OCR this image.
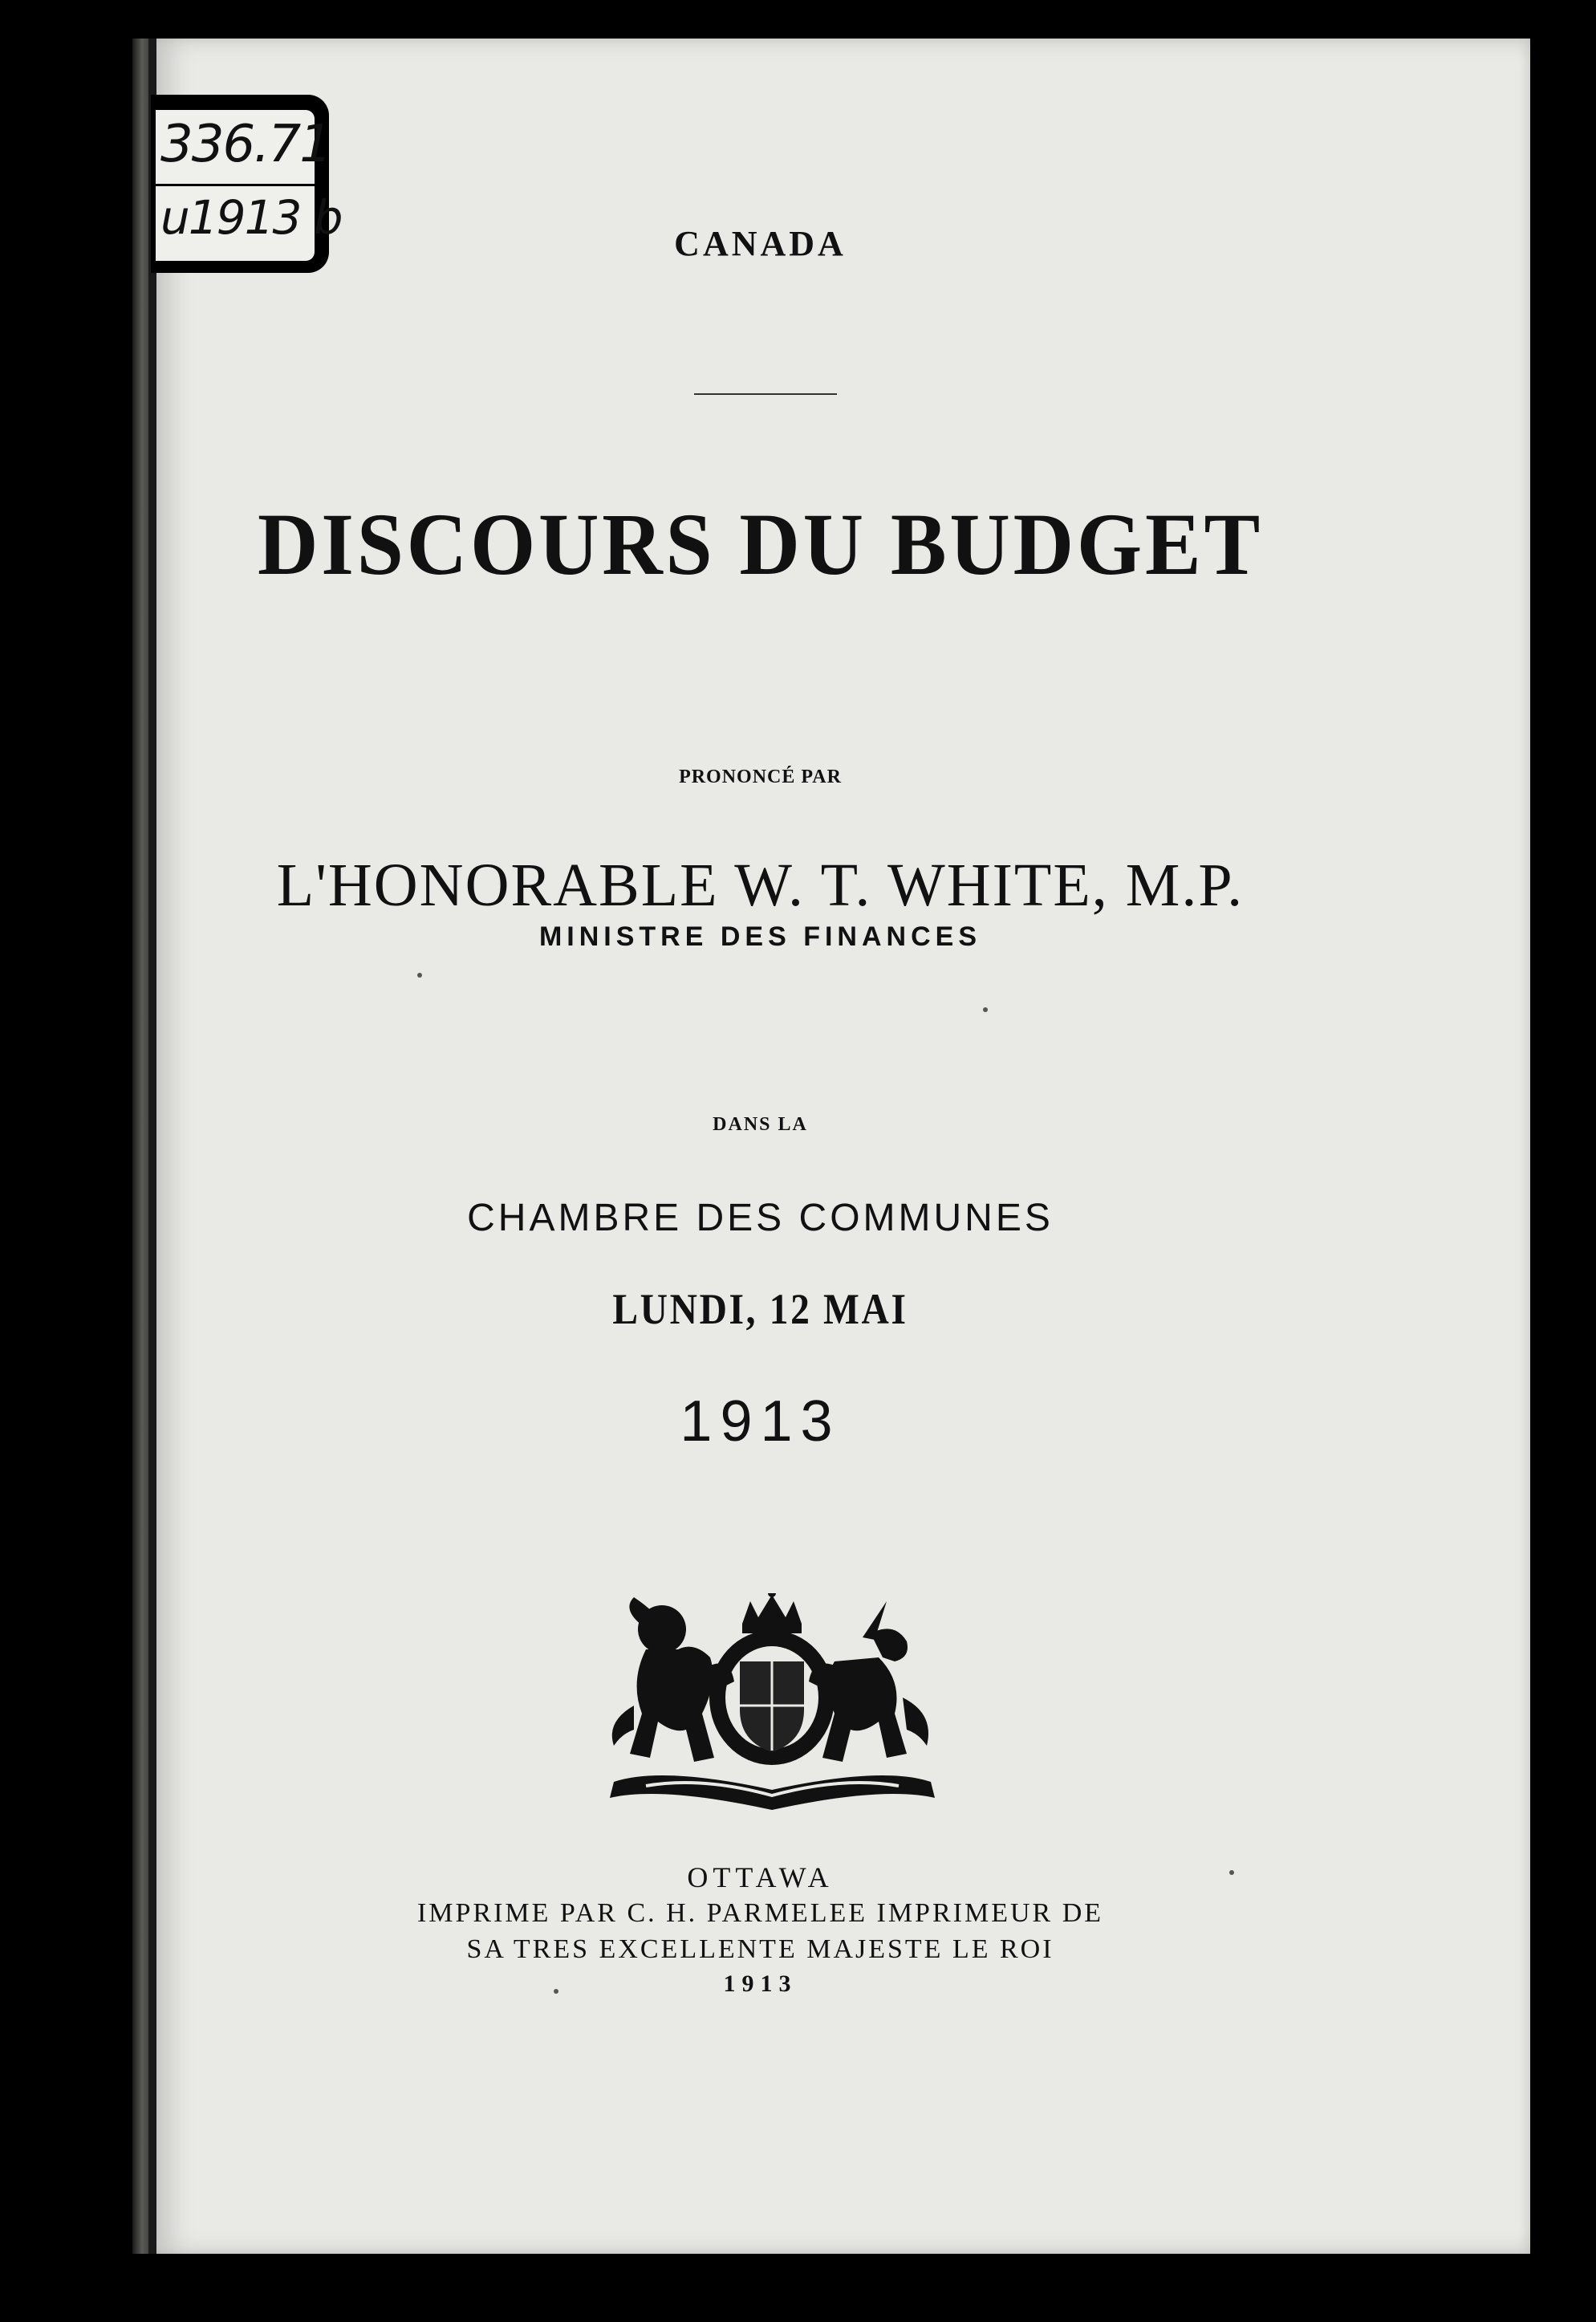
336.71
u1913 b	CANADA
DISCOURS DU BUDGET
PRONONCÉ PAR
L'HONORABLE W. T. WHITE, M.P.
MINISTRE DES FINANCES
DANS LA
CHAMBRE DES COMMUNES
LUNDI, 12 MAI
1913
OTTAWA
IMPRIME PAR C. H. PARMELEE IMPRIMEUR DE
SA TRES EXCELLENTE MAJESTE LE ROI
1913
